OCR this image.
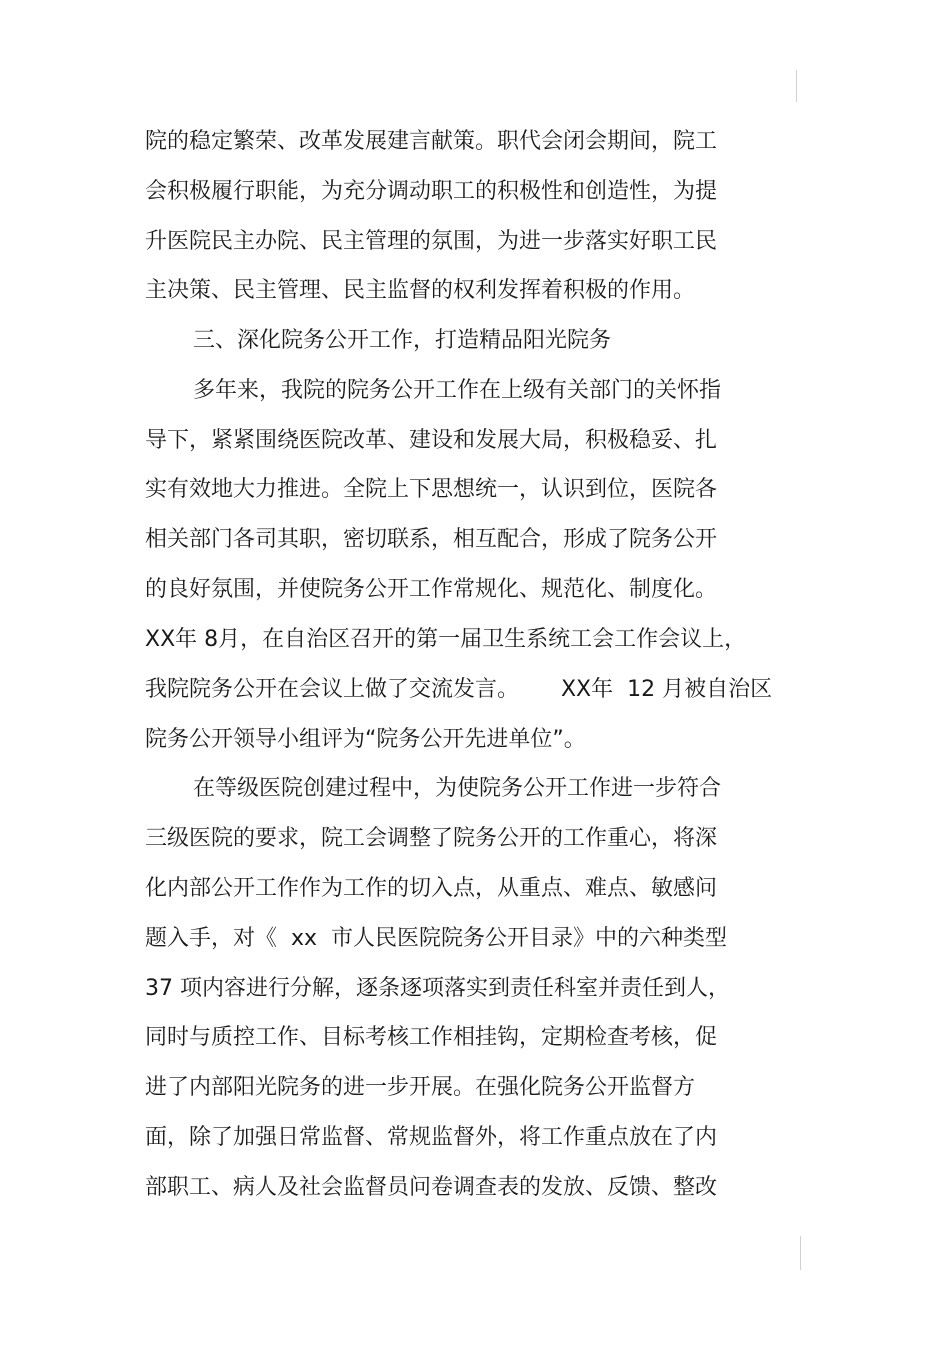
院的稳定繁荣、改革发展建言献策。职代会闭会期间，院工
会积极履行职能，为充分调动职工的积极性和创造性，为提
升医院民主办院、民主管理的氛围，为进一步落实好职工民
主决策、民主管理、民主监督的权利发挥着积极的作用。
三、深化院务公开工作，打造精品阳光院务
多年来，我院的院务公开工作在上级有关部门的关怀指
导下，紧紧围绕医院改革、建设和发展大局，积极稳妥、扎
实有效地大力推进。全院上下思想统一，认识到位，医院各
相关部门各司其职，密切联系，相互配合，形成了院务公开
的良好氛围，并使院务公开工作常规化、规范化、制度化。
XX年 8月，在自治区召开的第一届卫生系统工会工作会议上，
我院院务公开在会议上做了交流发言。      XX年  12 月被自治区
院务公开领导小组评为“院务公开先进单位”。
在等级医院创建过程中，为使院务公开工作进一步符合
三级医院的要求，院工会调整了院务公开的工作重心，将深
化内部公开工作作为工作的切入点，从重点、难点、敏感问
题入手，对《  xx  市人民医院院务公开目录》中的六种类型
37 项内容进行分解，逐条逐项落实到责任科室并责任到人，
同时与质控工作、目标考核工作相挂钩，定期检查考核，促
进了内部阳光院务的进一步开展。在强化院务公开监督方
面，除了加强日常监督、常规监督外，将工作重点放在了内
部职工、病人及社会监督员问卷调查表的发放、反馈、整改
